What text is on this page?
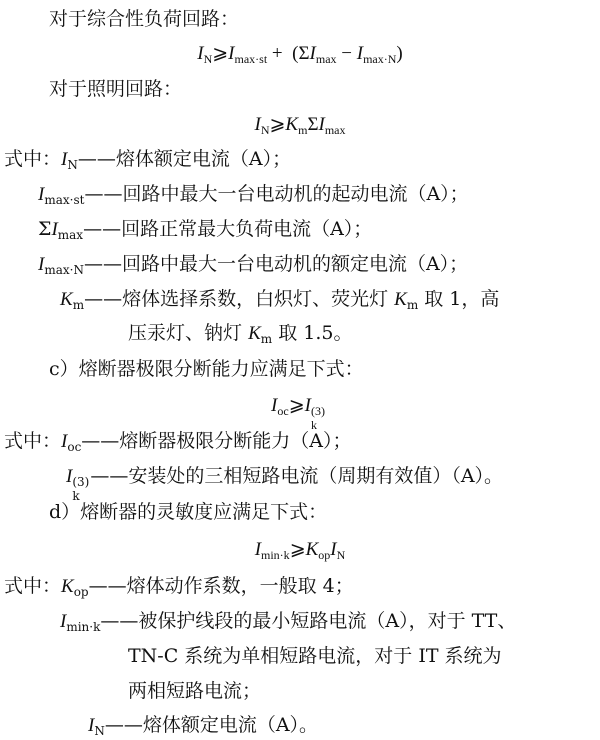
对于综合性负荷回路：
$I_N⩾I_{max\cdot st} + (\Sigma I_{max} - I_{max\cdot N})$
对于照明回路：
$I_N⩾K_m\Sigma I_{max}$
式中：$I_N——$熔体额定电流（A）；
$I_{max\cdot st}——$回路中最大一台电动机的起动电流（A）；
$\Sigma I_{max}——$回路正常最大负荷电流（A）；
$I_{max\cdot N}——$回路中最大一台电动机的额定电流（A）；
$K_m——$熔体选择系数，白炽灯、荧光灯 $K_m$ 取 1，高
压汞灯、钠灯 $K_m$ 取 1.5。
c）熔断器极限分断能力应满足下式：
$I_{oc}⩾I$ (3)
k
式中：$I_{oc}——$熔断器极限分断能力（A）；
I (3)
k
——安装处的三相短路电流（周期有效值）（A）。
d）熔断器的灵敏度应满足下式：
$I_{min\cdot k}⩾K_{op}I_N$
式中：$K_{op}——$熔体动作系数，一般取 4；
$I_{min\cdot k}——$被保护线段的最小短路电流（A），对于 TT、
TN-C 系统为单相短路电流，对于 IT 系统为
两相短路电流；
$I_N——$熔体额定电流（A）。
